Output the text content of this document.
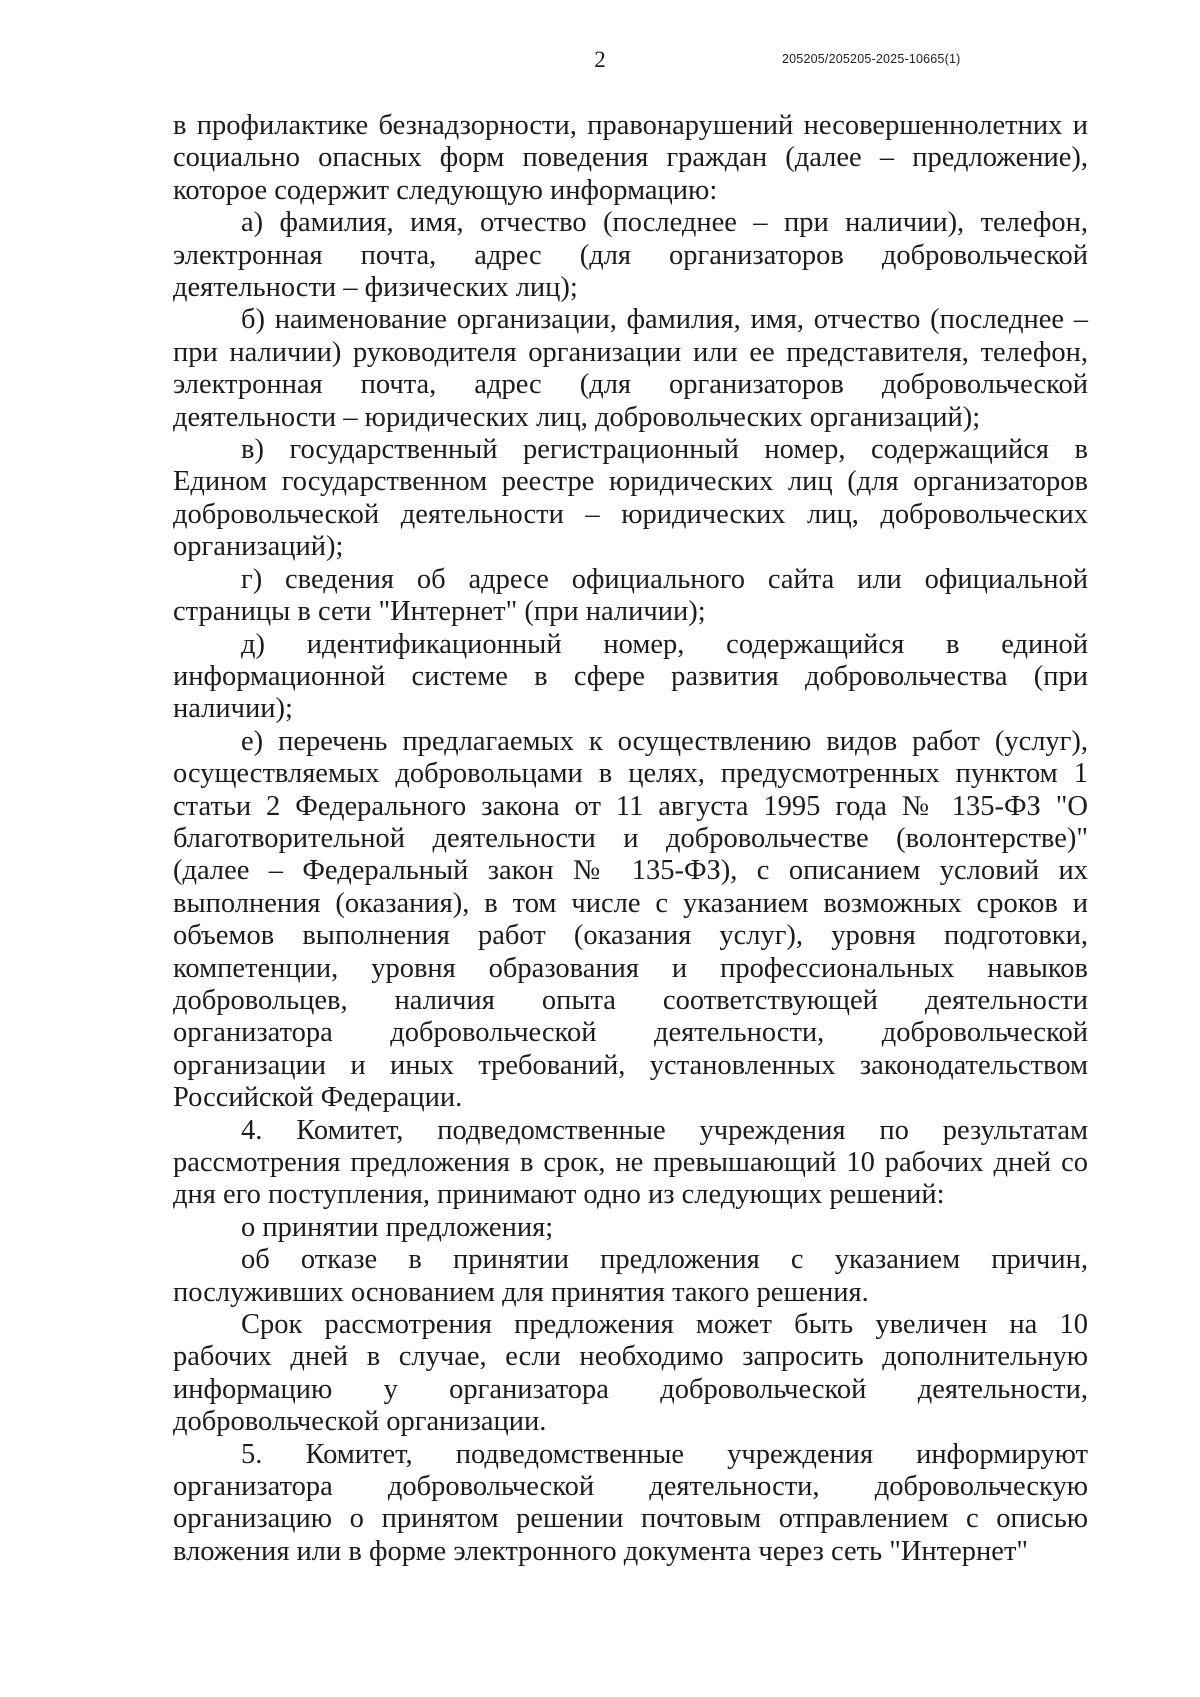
2	205205/205205-2025-10665(1)

в профилактике безнадзорности, правонарушений несовершеннолетних и социально опасных форм поведения граждан (далее – предложение), которое содержит следующую информацию:

а) фамилия, имя, отчество (последнее – при наличии), телефон, электронная почта, адрес (для организаторов добровольческой деятельности – физических лиц);

б) наименование организации, фамилия, имя, отчество (последнее – при наличии) руководителя организации или ее представителя, телефон, электронная почта, адрес (для организаторов добровольческой деятельности – юридических лиц, добровольческих организаций);

в) государственный регистрационный номер, содержащийся в Едином государственном реестре юридических лиц (для организаторов добровольческой деятельности – юридических лиц, добровольческих организаций);

г) сведения об адресе официального сайта или официальной страницы в сети "Интернет" (при наличии);

д) идентификационный номер, содержащийся в единой информационной системе в сфере развития добровольчества (при наличии);

е) перечень предлагаемых к осуществлению видов работ (услуг), осуществляемых добровольцами в целях, предусмотренных пунктом 1 статьи 2 Федерального закона от 11 августа 1995 года № 135-ФЗ "О благотворительной деятельности и добровольчестве (волонтерстве)" (далее – Федеральный закон № 135-ФЗ), с описанием условий их выполнения (оказания), в том числе с указанием возможных сроков и объемов выполнения работ (оказания услуг), уровня подготовки, компетенции, уровня образования и профессиональных навыков добровольцев, наличия опыта соответствующей деятельности организатора добровольческой деятельности, добровольческой организации и иных требований, установленных законодательством Российской Федерации.

4. Комитет, подведомственные учреждения по результатам рассмотрения предложения в срок, не превышающий 10 рабочих дней со дня его поступления, принимают одно из следующих решений:

о принятии предложения;

об отказе в принятии предложения с указанием причин, послуживших основанием для принятия такого решения.

Срок рассмотрения предложения может быть увеличен на 10 рабочих дней в случае, если необходимо запросить дополнительную информацию у организатора добровольческой деятельности, добровольческой организации.

5. Комитет, подведомственные учреждения информируют организатора добровольческой деятельности, добровольческую организацию о принятом решении почтовым отправлением с описью вложения или в форме электронного документа через сеть "Интернет"
